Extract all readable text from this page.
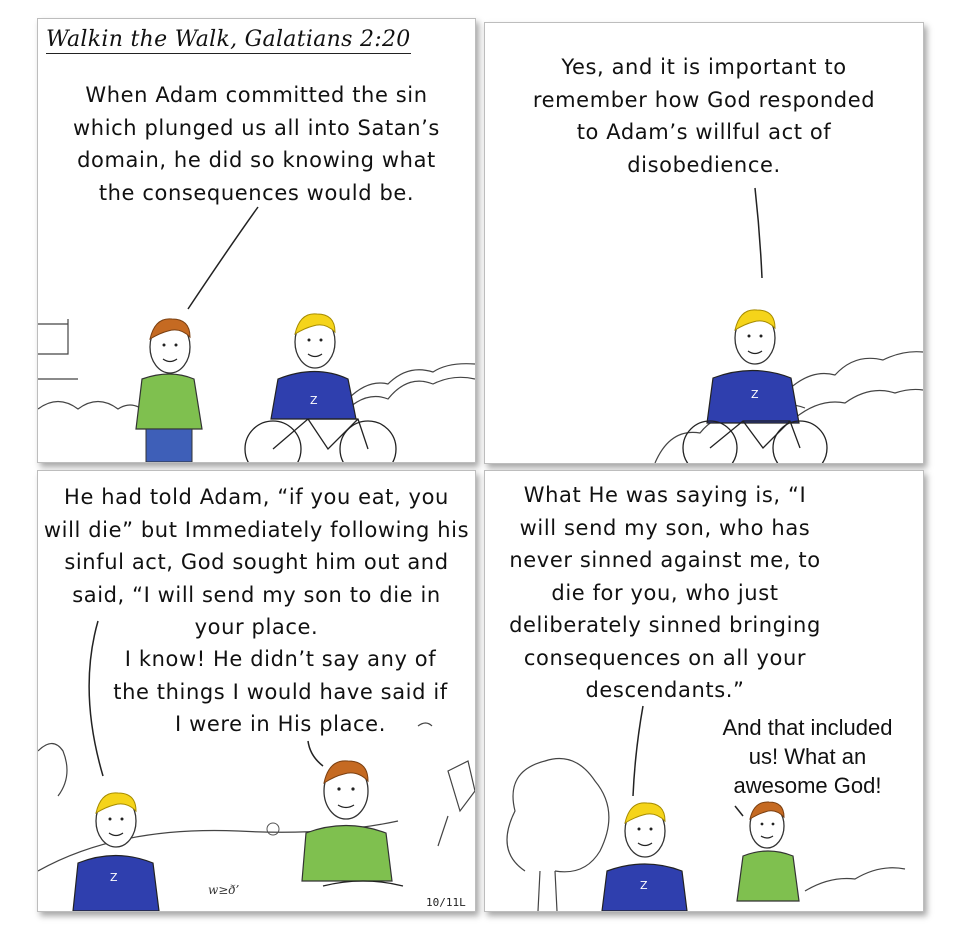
Walkin the Walk, Galatians 2:20
When Adam committed the sin
which plunged us all into Satan’s
domain, he did so knowing what
the consequences would be.
Z
Yes, and it is important to
remember how God responded
to Adam’s willful act of
disobedience.
Z
He had told Adam, “if you eat, you
will die” but Immediately following his
sinful act, God sought him out and
said, “I will send my son to die in
your place.
I know! He didn’t say any of
the things I would have said if
I were in His place.
Z
w≥ð’
10/11L
What He was saying is, “I
will send my son, who has
never sinned against me, to
die for you, who just
deliberately sinned bringing
consequences on all your
descendants.”
And that included
us! What an
awesome God!
Z
